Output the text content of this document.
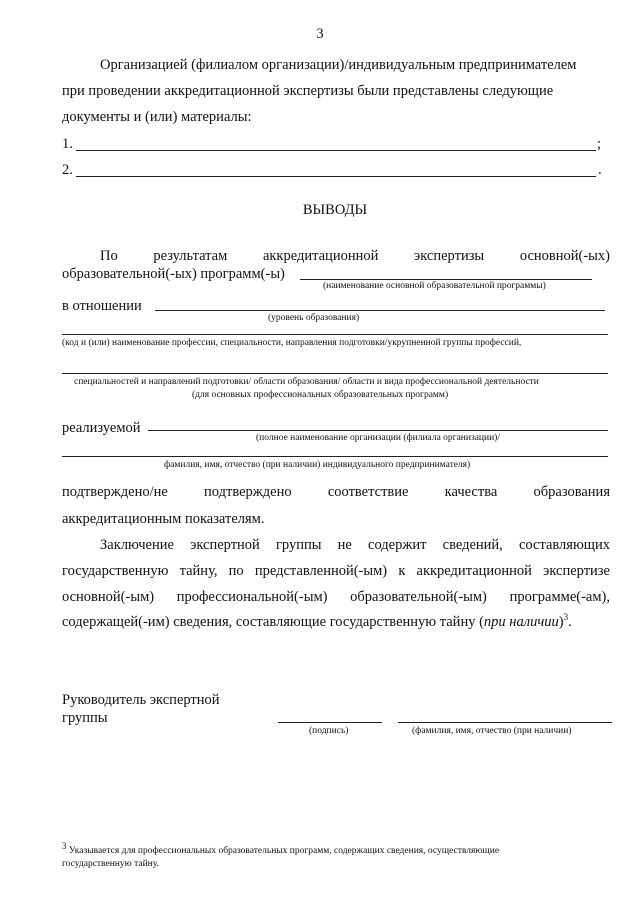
3
Организацией (филиалом организации)/индивидуальным предпринимателем
при проведении аккредитационной экспертизы были представлены следующие
документы и (или) материалы:
1.	;
2.	.
ВЫВОДЫ
По результатам аккредитационной экспертизы основной(-ых)
образовательной(-ых) программ(-ы)
(наименование основной образовательной программы)
в отношении
(уровень образования)
(код и (или) наименование профессии, специальности, направления подготовки/укрупненной группы профессий,
специальностей и направлений подготовки/ области образования/ области и вида профессиональной деятельности
(для основных профессиональных образовательных программ)
реализуемой
(полное наименование организации (филиала организации)/
фамилия, имя, отчество (при наличии) индивидуального предпринимателя)
подтверждено/не подтверждено соответствие качества образования
аккредитационным показателям.
Заключение экспертной группы не содержит сведений, составляющих
государственную тайну, по представленной(-ым) к аккредитационной экспертизе
основной(-ым) профессиональной(-ым) образовательной(-ым) программе(-ам),
содержащей(-им) сведения, составляющие государственную тайну (при наличии)$^3$.
Руководитель экспертной
группы
(подпись)	(фамилия, имя, отчество (при наличии)
$^3$ Указывается для профессиональных образовательных программ, содержащих сведения, осуществляющие
государственную тайну.
